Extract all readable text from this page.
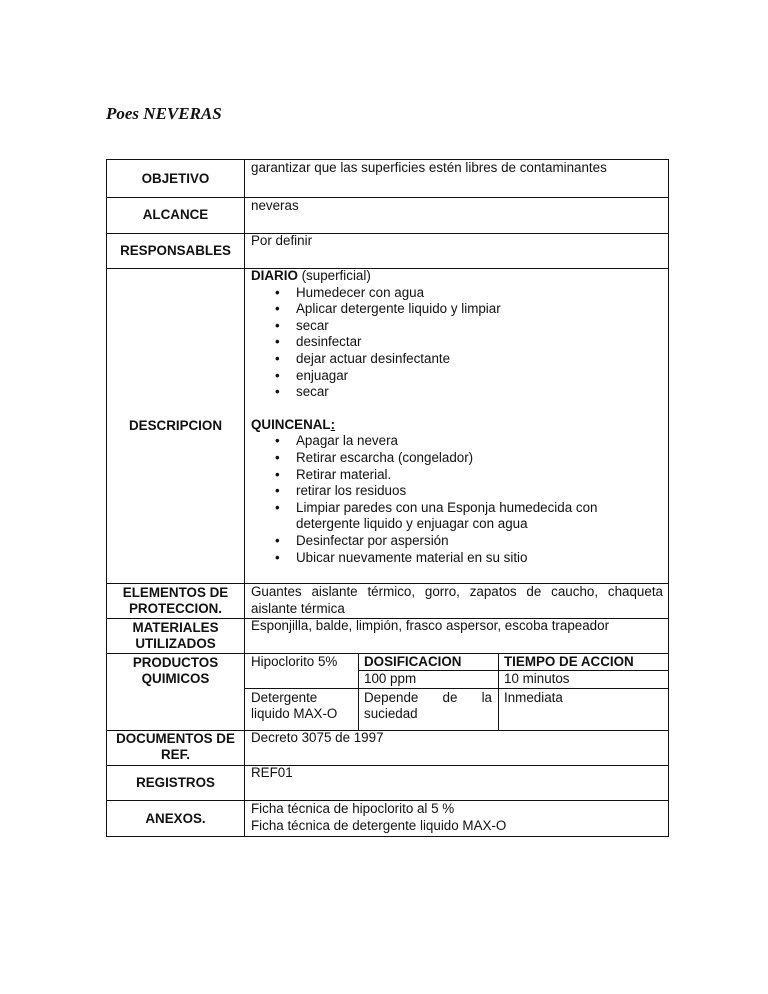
Poes NEVERAS
OBJETIVO
garantizar que las superficies estén libres de contaminantes
ALCANCE
neveras
RESPONSABLES
Por definir
DESCRIPCION
DIARIO (superficial)
• Humedecer con agua
• Aplicar detergente liquido y limpiar
• secar
• desinfectar
• dejar actuar desinfectante
• enjuagar
• secar
QUINCENAL:
• Apagar la nevera
• Retirar escarcha (congelador)
• Retirar material.
• retirar los residuos
• Limpiar paredes con una Esponja humedecida con detergente liquido y enjuagar con agua
• Desinfectar por aspersión
• Ubicar nuevamente material en su sitio
ELEMENTOS DE
PROTECCION.
Guantes aislante térmico, gorro, zapatos de caucho, chaqueta
aislante térmica
MATERIALES
UTILIZADOS
Esponjilla, balde, limpión, frasco aspersor, escoba trapeador
PRODUCTOS
QUIMICOS
Hipoclorito 5% DOSIFICACION	TIEMPO DE ACCION
100 ppm	10 minutos
Detergente
liquido MAX-O
Depende de la
suciedad
Inmediata
DOCUMENTOS DE
REF.
Decreto 3075 de 1997
REGISTROS
REF01
ANEXOS.
Ficha técnica de hipoclorito al 5 %
Ficha técnica de detergente liquido MAX-O
